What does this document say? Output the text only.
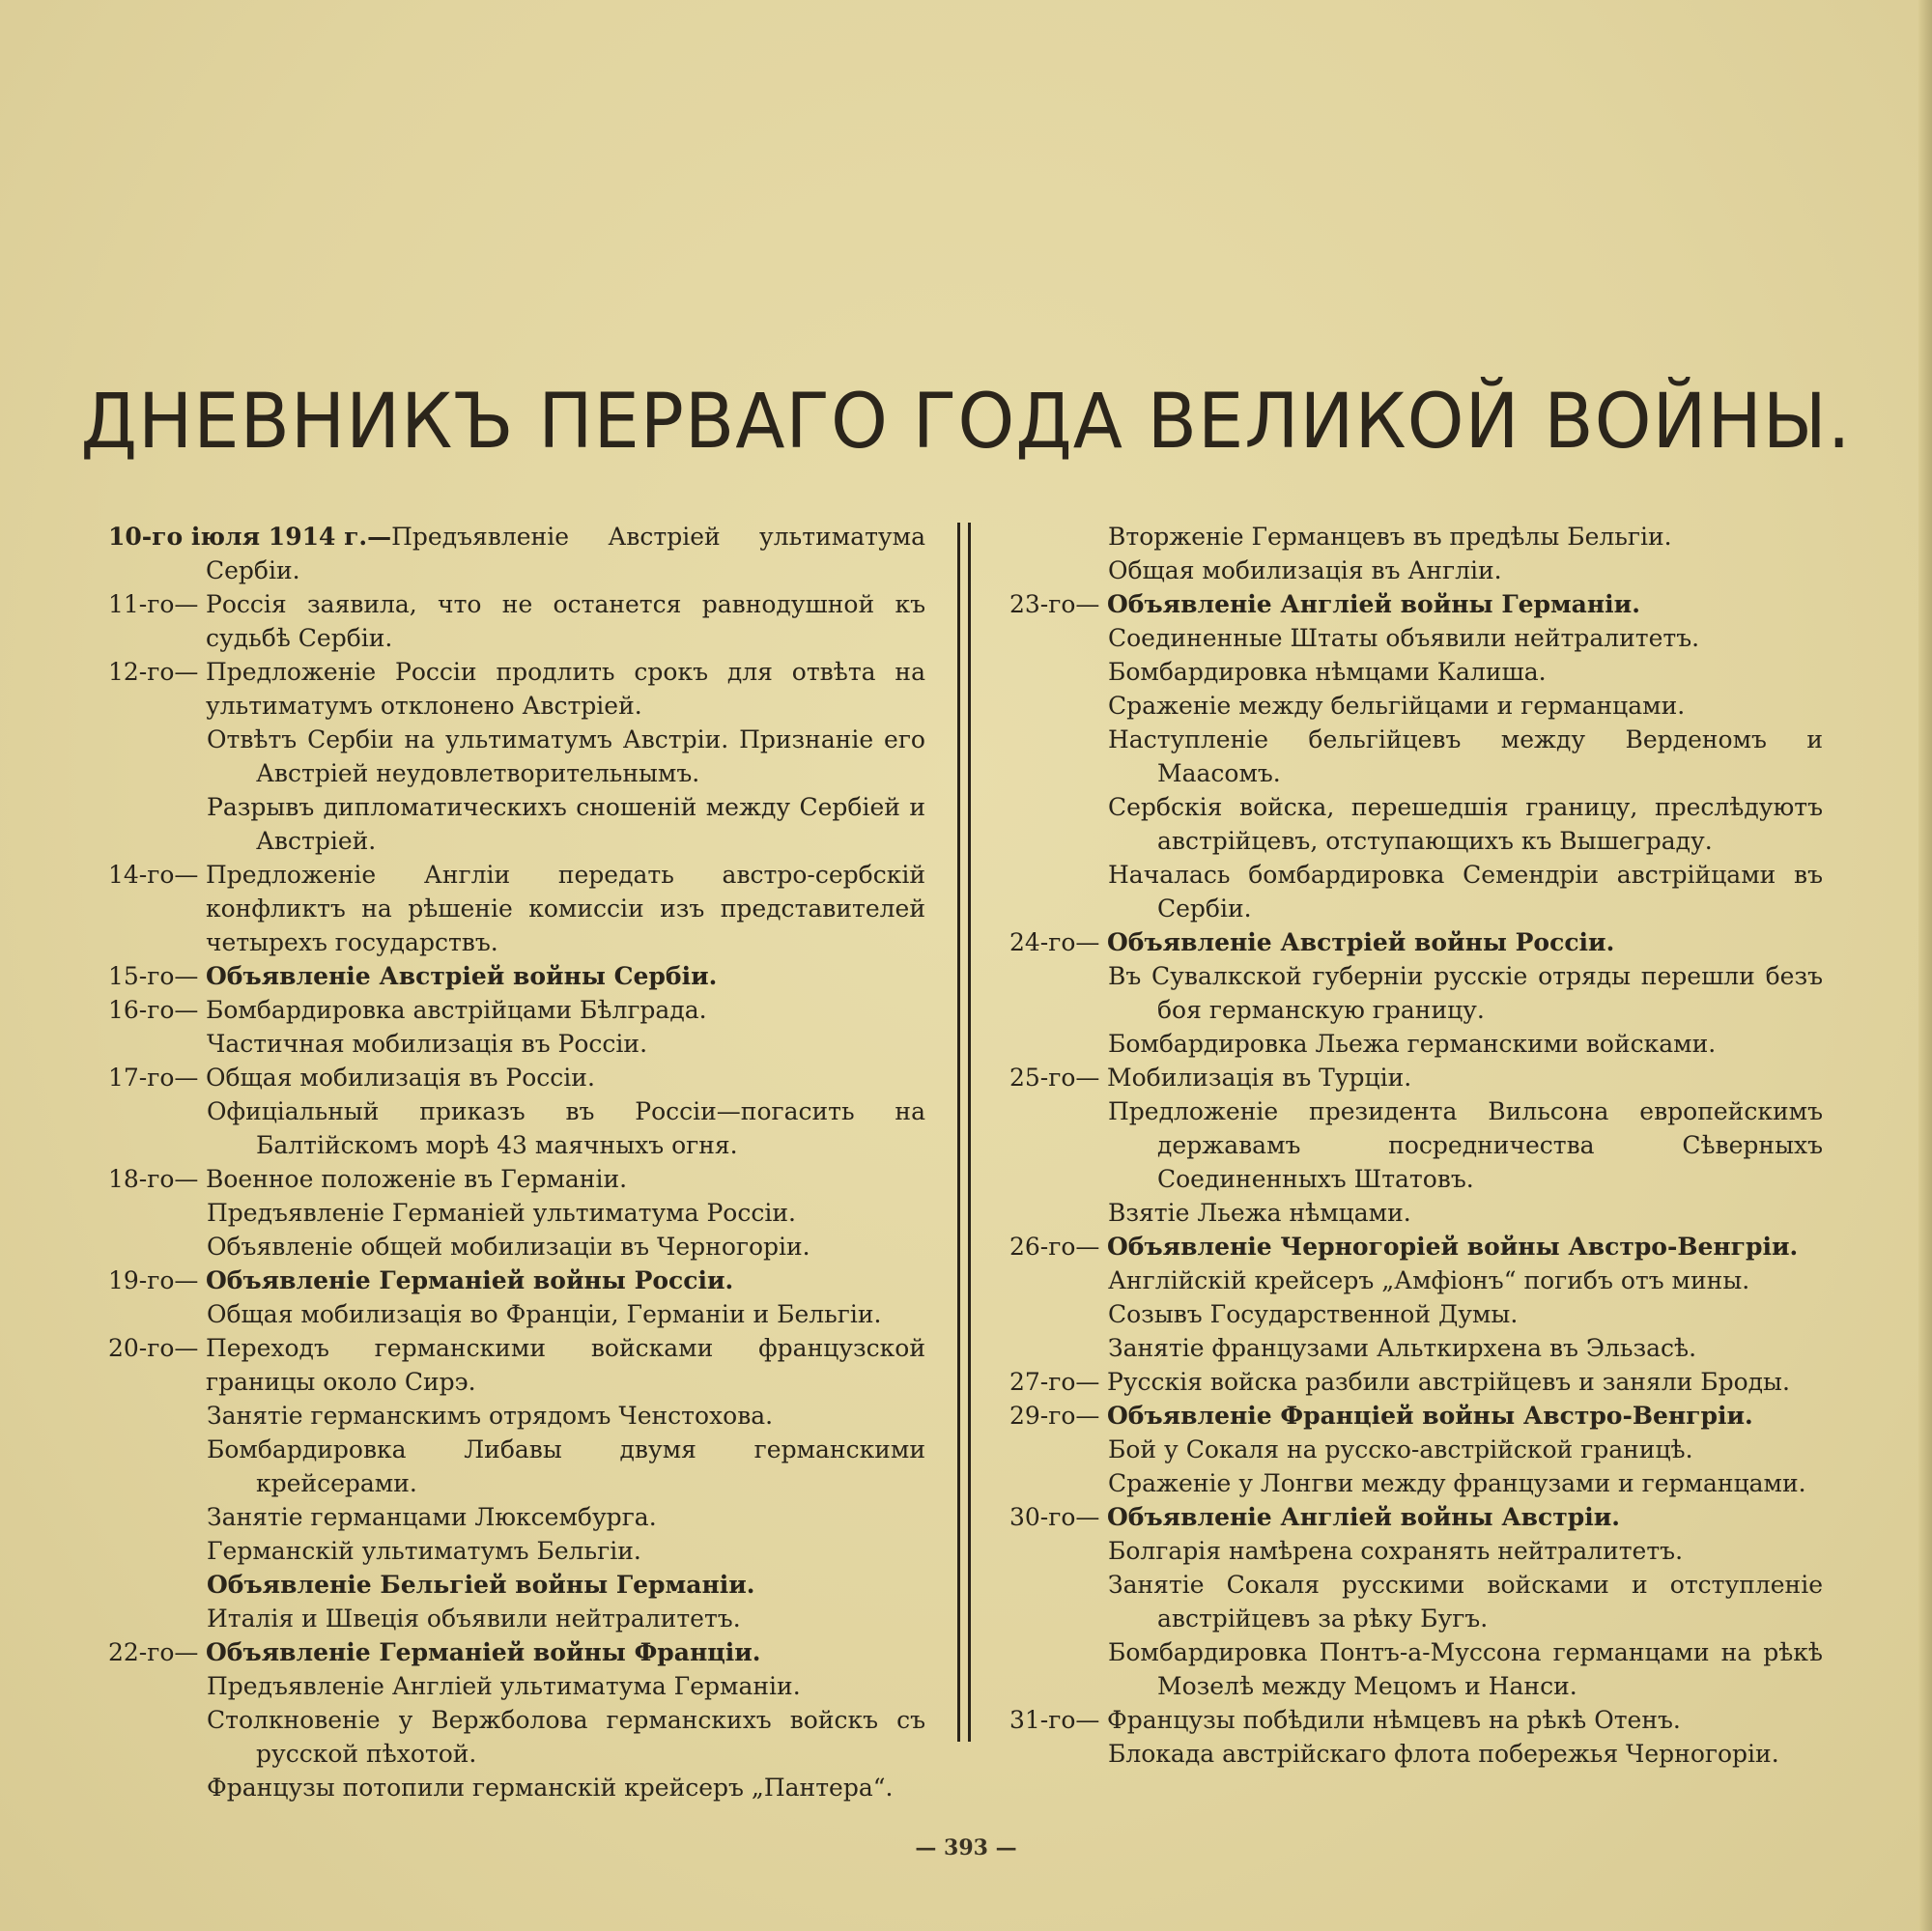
ДНЕВНИКЪ ПЕРВАГО ГОДА ВЕЛИКОЙ ВОЙНЫ.
10-го іюля 1914 г.—Предъявленіе Австріей ультиматума Сербіи.
11-го— Россія заявила, что не останется равнодушной къ судьбѣ Сербіи.
12-го— Предложеніе Россіи продлить срокъ для отвѣта на ультиматумъ отклонено Австріей.
Отвѣтъ Сербіи на ультиматумъ Австріи. Признаніе его Австріей неудовлетворительнымъ.
Разрывъ дипломатическихъ сношеній между Сербіей и Австріей.
14-го— Предложеніе Англіи передать австро-сербскій конфликтъ на рѣшеніе комиссіи изъ представителей четырехъ государствъ.
15-го— Объявленіе Австріей войны Сербіи.
16-го— Бомбардировка австрійцами Бѣлграда.
Частичная мобилизація въ Россіи.
17-го— Общая мобилизація въ Россіи.
Офиціальный приказъ въ Россіи—погасить на Балтійскомъ морѣ 43 маячныхъ огня.
18-го— Военное положеніе въ Германіи.
Предъявленіе Германіей ультиматума Россіи.
Объявленіе общей мобилизаціи въ Черногоріи.
19-го— Объявленіе Германіей войны Россіи.
Общая мобилизація во Франціи, Германіи и Бельгіи.
20-го— Переходъ германскими войсками французской границы около Сирэ.
Занятіе германскимъ отрядомъ Ченстохова.
Бомбардировка Либавы двумя германскими крейсерами.
Занятіе германцами Люксембурга.
Германскій ультиматумъ Бельгіи.
Объявленіе Бельгіей войны Германіи.
Италія и Швеція объявили нейтралитетъ.
22-го— Объявленіе Германіей войны Франціи.
Предъявленіе Англіей ультиматума Германіи.
Столкновеніе у Вержболова германскихъ войскъ съ русской пѣхотой.
Французы потопили германскій крейсеръ „Пантера“.
Вторженіе Германцевъ въ предѣлы Бельгіи.
Общая мобилизація въ Англіи.
23-го— Объявленіе Англіей войны Германіи.
Соединенные Штаты объявили нейтралитетъ.
Бомбардировка нѣмцами Калиша.
Сраженіе между бельгійцами и германцами.
Наступленіе бельгійцевъ между Верденомъ и Маасомъ.
Сербскія войска, перешедшія границу, преслѣдуютъ австрійцевъ, отступающихъ къ Вышеграду.
Началась бомбардировка Семендріи австрійцами въ Сербіи.
24-го— Объявленіе Австріей войны Россіи.
Въ Сувалкской губерніи русскіе отряды перешли безъ боя германскую границу.
Бомбардировка Льежа германскими войсками.
25-го— Мобилизація въ Турціи.
Предложеніе президента Вильсона европейскимъ державамъ посредничества Сѣверныхъ Соединенныхъ Штатовъ.
Взятіе Льежа нѣмцами.
26-го— Объявленіе Черногоріей войны Австро-Венгріи.
Англійскій крейсеръ „Амфіонъ“ погибъ отъ мины.
Созывъ Государственной Думы.
Занятіе французами Альткирхена въ Эльзасѣ.
27-го— Русскія войска разбили австрійцевъ и заняли Броды.
29-го— Объявленіе Франціей войны Австро-Венгріи.
Бой у Сокаля на русско-австрійской границѣ.
Сраженіе у Лонгви между французами и германцами.
30-го— Объявленіе Англіей войны Австріи.
Болгарія намѣрена сохранять нейтралитетъ.
Занятіе Сокаля русскими войсками и отступленіе австрійцевъ за рѣку Бугъ.
Бомбардировка Понтъ-а-Муссона германцами на рѣкѣ Мозелѣ между Мецомъ и Нанси.
31-го— Французы побѣдили нѣмцевъ на рѣкѣ Отенъ.
Блокада австрійскаго флота побережья Черногоріи.
— 393 —
